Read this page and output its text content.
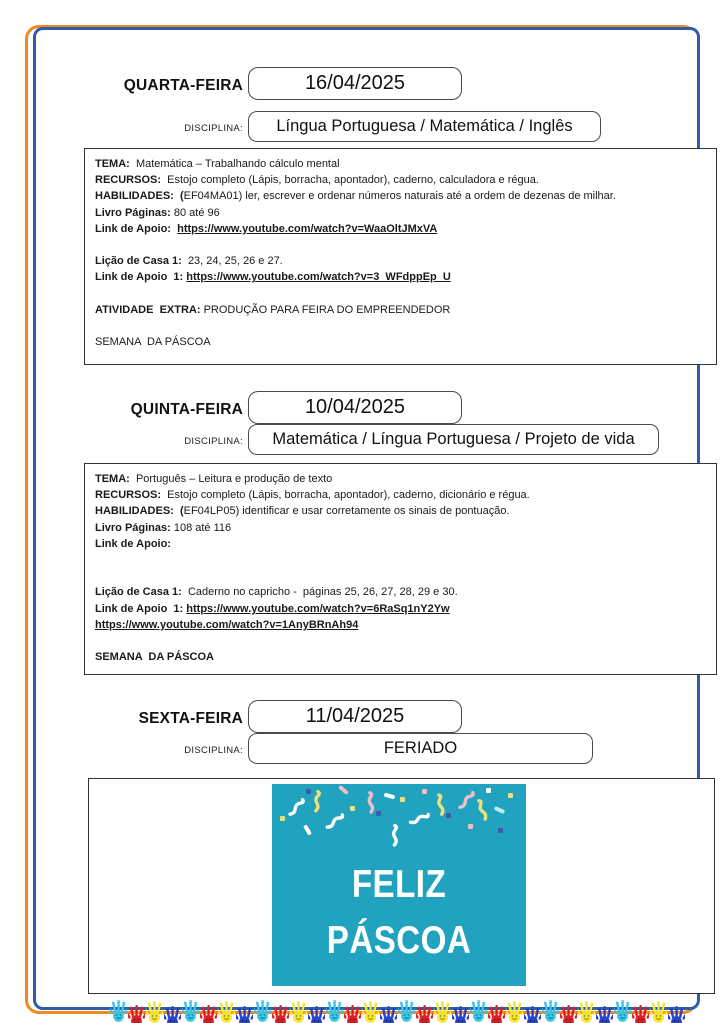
QUARTA-FEIRA	16/04/2025
DISCIPLINA: Língua Portuguesa / Matemática / Inglês
TEMA:  Matemática – Trabalhando cálculo mental
RECURSOS:  Estojo completo (Lápis, borracha, apontador), caderno, calculadora e régua.
HABILIDADES:  (EF04MA01) ler, escrever e ordenar números naturais até a ordem de dezenas de milhar.
Livro Páginas: 80 até 96
Link de Apoio: https://www.youtube.com/watch?v=WaaOltJMxVA

Lição de Casa 1:  23, 24, 25, 26 e 27.
Link de Apoio  1: https://www.youtube.com/watch?v=3_WFdppEp_U

ATIVIDADE  EXTRA: PRODUÇÃO PARA FEIRA DO EMPREENDEDOR

SEMANA  DA PÁSCOA
QUINTA-FEIRA	10/04/2025
DISCIPLINA: Matemática / Língua Portuguesa / Projeto de vida
TEMA:  Português – Leitura e produção de texto
RECURSOS:  Estojo completo (Lápis, borracha, apontador), caderno, dicionário e régua.
HABILIDADES:  (EF04LP05) identificar e usar corretamente os sinais de pontuação.
Livro Páginas: 108 até 116
Link de Apoio:

Lição de Casa 1:  Caderno no capricho -  páginas 25, 26, 27, 28, 29 e 30.
Link de Apoio  1: https://www.youtube.com/watch?v=6RaSq1nY2Yw
https://www.youtube.com/watch?v=1AnyBRnAh94

SEMANA  DA PÁSCOA
SEXTA-FEIRA	11/04/2025
DISCIPLINA:	FERIADO
FELIZ
PÁSCOA
